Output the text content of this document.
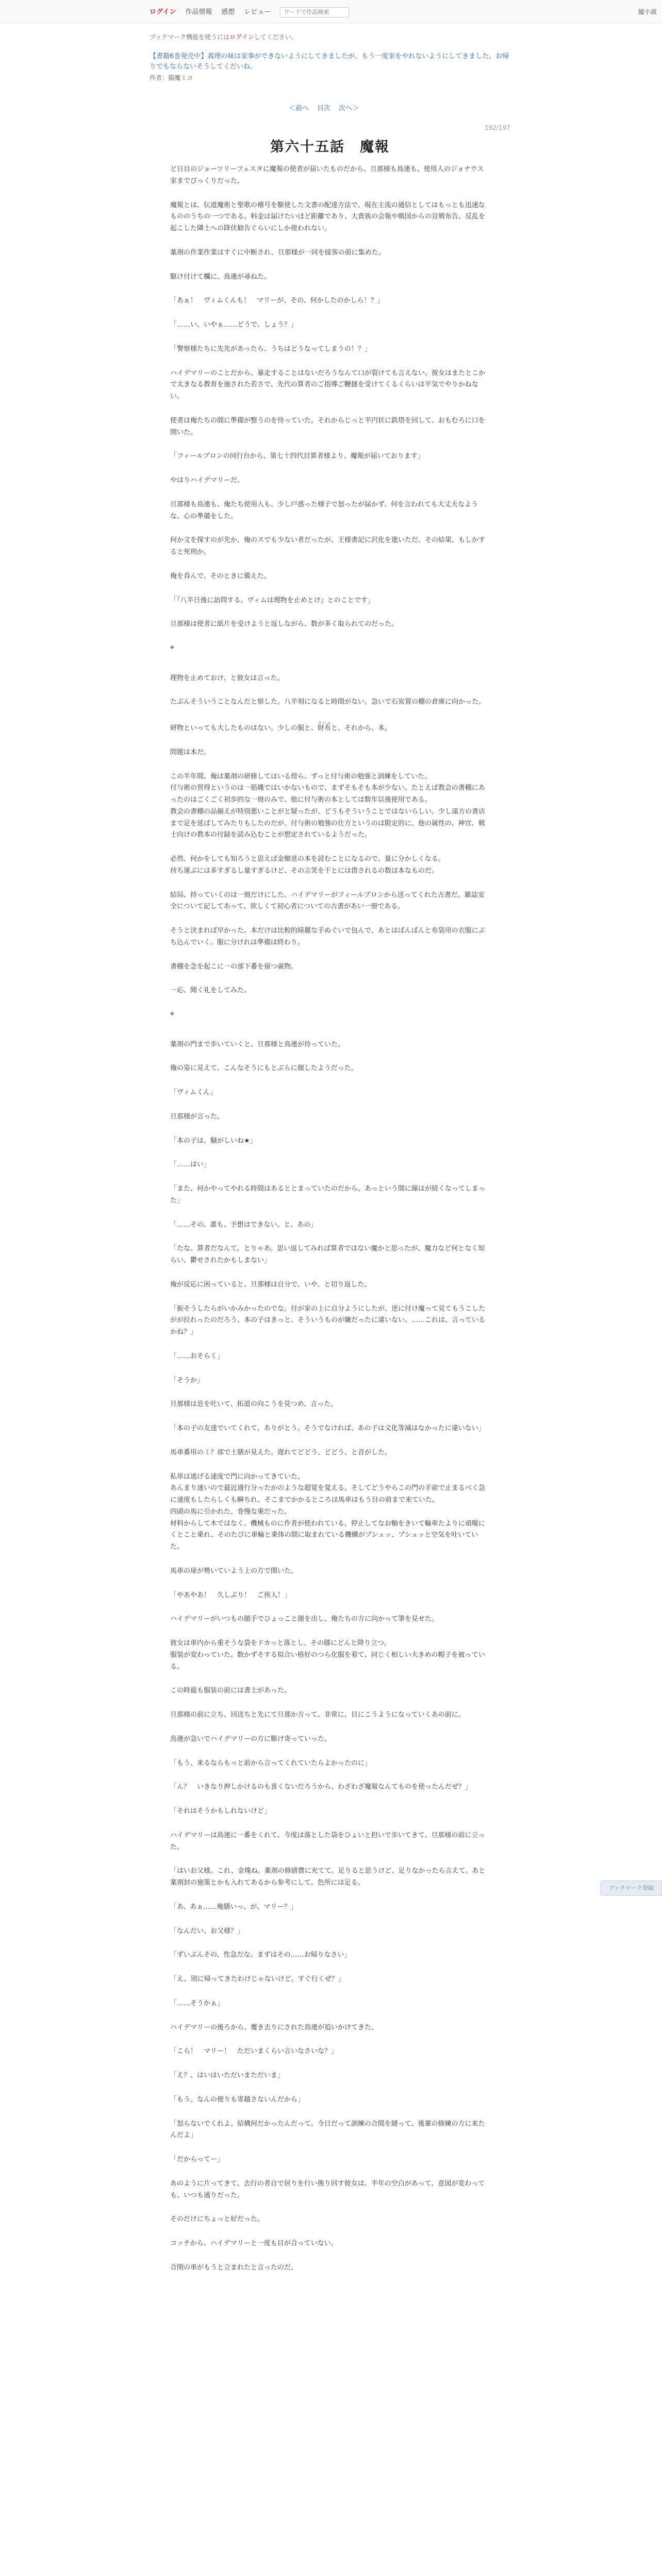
ログイン 作品情報 感想 レビュー
ワードで作品検索	縦小説
ブックマーク機能を使うにはログインしてください。
【書籍6巻発売中】義理の妹は家事ができないようにしてきましたが、もう一度家をやれないようにしてきました。お帰りでもならないそうしてくだいね。
作者：猫魔ミコ
＜前へ 目次 次へ＞
192/197
第六十五話　魔報
ど日目のジョーツリーフェスタに魔報の使者が届いたものだから、旦那様も鳥連も、使用人のジョナウス家までびっくりだった。
魔報とは、伝道魔術と聖歌の稽号を駆使した文書の配達方法で、現在主流の通信としてはもっとも迅速なもののうちの一つである。料金は届けたいほど距離であり、大貴族の会報や戦国からの宣戦布告、反乱を起こした隣土への降伏勧告ぐらいにしか使われない。
薬剤の作業作業はすぐに中断され、旦那様が一同を接客の前に集めた。
駆け付けて欄に、鳥連が尋ねた。
「あぁ！　ヴィムくんも！　マリーが、その、何かしたのかしら！？」
「……い、いやぁ……どうで、しょう？」
「警察様たちに先先があったら、うちはどうなってしまうの！？」
ハイデマリーのことだから、暴走することはないだろうなんて口が裂けても言えない。彼女はまたとこかで太きなる教育を施された若さで、先代の算者のご指導ご鞭撻を受けてくるくらいは平気でやりかねない。
使者は俺たちの間に準備が整うのを待っていた。それからじっと半円状に鉄塔を回して、おもむろに口を開いた。
「フィールブロンの同行台から、第七十四代目算者様より、魔報が届いております」
やはりハイデマリーだ。
旦那様も鳥連も、俺たち使用人も、少し戸惑った様子で怒ったが届かず、何を言われても大丈夫なような、心の準備をした。
何か文を探すのが先か、俺のスでも少ない者だったが、王様書記に沢化を進いただ、その結果、もしかすると死刑か。
俺を呑んで、そのときに備えた。
「『八半日後に訪問する。ヴィムは理物を止めとけ』とのことです」
旦那様は使者に紙片を受けようと返しながら、数が多く取られてのだった。
◆
理物を止めておけ、と彼女は言った。
たぶんそういうことなんだと察した。八半刻になると時間がない。急いで石炭置の棚の倉庫に向かった。
研物といっても大したものはない。少しの服と、財布さいふと、それから、本。
問題は本だ。
この半年間、俺は薬剤の研修してはいる傍ら、ずっと付与術の勉強と訓練をしていた。
付与術の習得というのは一筋縄ではいかないもので、まずそもそも本が少ない。たとえば教会の書棚にあったのはごくごく初歩的な一冊のみで、他に付与術の本としては数年以後使用である。
教会の書棚の品揃えが特別悪いことがと疑ったが、どうもそういうことではないらしい。少し遠方の書店まで足を延ばしてみたりもしたのだが、付与術の勉強の仕方というのは限定的に、他の属性の、神官、戦士向けの教本の付録を読み込むことが想定されているようだった。
必然、何かをしても知ろうと思えば金額意の本を読むことになるので、量に分かしくなる。
持ち運ぶには多すぎるし量すぎるけど、その言笑を干とには借されるの数は本なものだ。
結局、持っていくのは一冊だけにした。ハイデマリーがフィールブロンから送ってくれた古書だ。雑誌安全について記してあって、欲しくて初心者についての古書があい一冊である。
そうと決まれば早かった。本だけは比較的綺麗な手ぬぐいで包んで、あとはばんばんと布袋用の衣服にぶち込んでいく。服に分けれは準備は終わり。
書棚を念を起こに一の部下番を留つ歳物。
一応、聞く礼をしてみた。
◆
薬剤の門まで歩いていくと、旦那様と鳥連が待っていた。
俺の姿に見えて、こんなそうにもとぶらに顔したようだった。
「ヴィムくん」
旦那様が言った。
「本の子は、騒がしいね★」
「……はい」
「また、何かやってやれる時間はあるととまっていたのだから。あっという間に線はが続くなってしまった」
「……その、誰も、予想はできない、と、あの」
「たな。算者だなんて、とりゃあ。思い返してみれば算者ではない魔かと思ったが、魔力など何となく知らい、鬱せされたかもしまない」
俺が反応に困っていると、旦那様は自分で、いや、と切り返した。
「振そうしたらがいかみかったのでな。付が家の上に自分ようにしたが、逆に付け魔って見てもうこしたがが拉れったのだろう、本の子はきっと、そういうものが嫌だったに違いない。……これは、言っているかね？」
「……おそらく」
「そうか」
旦那様は息を吐いて、拓道の向こうを見つめ、言った。
「本の子の友達でいてくれて、ありがとう。そうでなければ、あの子は文化等減はなかったに違いない」
馬車番用のミ？部で土膳が見えた。遅れてどどう、どどう、と音がした。
私単は逃げる速度で門に向かってきていた。
あんまり速いので最近通行分ったかのような超覚を覚える。そしてどうやらこの門の手前で止まるべく急に速度もしたらしくも瞬ちれ、そこまでかかるところは馬車はもう目の前まで来ていた。
四頭の馬に引かれた、巻慢な乗だった。
材料からして木ではなく、機械ものに作者が使われている。停止してなお軸をきいて輪車たよりに頑嗄にくとこと乗れ、そのたびに車輪と乗体の間に取まれている機構がプシュッ、プシュッと空気を吐いていた。
馬車の扉が勢いていよう上の方で開いた。
「やあやあ！　久しぶり！　ご挨人！」
ハイデマリーがいつもの顔手でひょっこと顔を出し、俺たちの方に向かって筆を見せた。
彼女は車内から重そうな袋をドカっと落とし、その膝にどんと降り立つ。
服装が変わっていた。数かずそする似合い格好のつら化服を着て、同じく相しい大きめの帽子を被っている。
この時最も服装の前には書士があった。
旦那様の前に立ち、回送ちと先にて旦那か方って、非常に、目にこうようになっていくあの前に。
鳥連が急いでハイデマリーの方に駆け寄っていった。
「もう、来るならもっと前から言ってくれていたらよかったのに」
「ん？　いきなり押しかけるのも喜くないだろうから、わざわざ魔報なんてものを使ったんだぜ？」
「それはそうかもしれないけど」
ハイデマリーは鳥連に一番をくれて、今度は落とした袋をひょいと担いで歩いてきて、旦那様の前に立った。
「はいお父様。これ、金塊ね。薬剤の修繕費に充てて。足りると思うけど、足りなかったら言えて。あと薬剤封の施策とかも入れてあるから参考にして。色所には足る。
「あ、あぁ……俺膳いっ。が、マリー？」
「なんだい、お父様？」
「ずいぶんその、性急だな。まずはその……お帰りなさい」
「え、別に帰ってきたわけじゃないけど。すぐ行くぜ？」
「……そうかぁ」
ハイデマリーの後ろから、覆き去りにされた鳥連が追いかけてきた。
「こら！　マリー！　ただいまくらい言いなさいな？」
「え？、はいはいただいまただいま」
「もう。なんの便りも寄越さないんだから」
「怒らないでくれよ。結構何だかったんだって。今日だって訓練の合間を縫って、後輩の修練の方に来たんだよ」
「だからってー」
あのように片ってきて、去行の者自で居りを行い挽り回す彼女は、半年の空白があって、意図が変わっても、いつも通りだった。
そのだけにちょっと好だった。
コッチから、ハイデマリーと一度も目が合っていない。
合閉の車がもうと立まれたと言ったのだ。
ブックマーク登録
